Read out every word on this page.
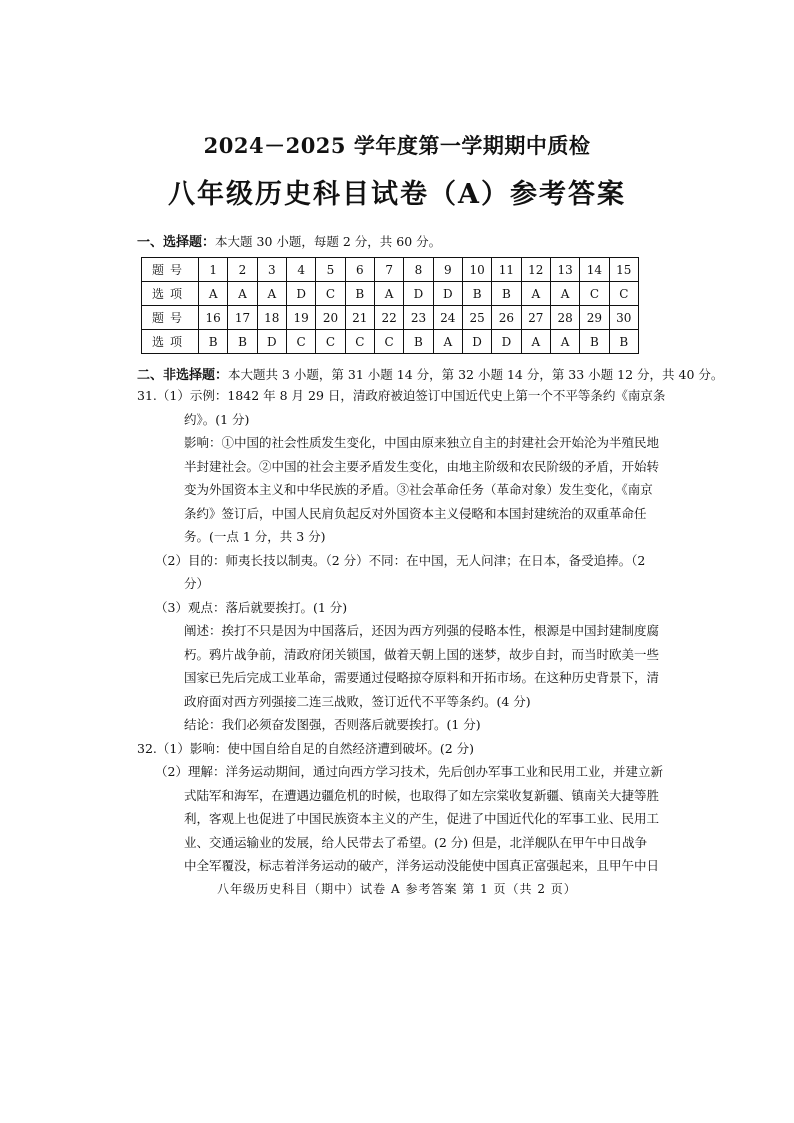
2024－2025 学年度第一学期期中质检
八年级历史科目试卷（A）参考答案
一、选择题：本大题 30 小题，每题 2 分，共 60 分。
题号	1	2	3	4	5	6	7	8	9	10	11	12	13	14	15
选项	A	A	A	D	C	B	A	D	D	B	B	A	A	C	C
题号	16	17	18	19	20	21	22	23	24	25	26	27	28	29	30
选项	B	B	D	C	C	C	C	B	A	D	D	A	A	B	B
二、非选择题：本大题共 3 小题，第 31 小题 14 分，第 32 小题 14 分，第 33 小题 12 分，共 40 分。
31.（1）示例：1842 年 8 月 29 日，清政府被迫签订中国近代史上第一个不平等条约《南京条
约》。(1 分)
影响：①中国的社会性质发生变化，中国由原来独立自主的封建社会开始沦为半殖民地
半封建社会。②中国的社会主要矛盾发生变化，由地主阶级和农民阶级的矛盾，开始转
变为外国资本主义和中华民族的矛盾。③社会革命任务（革命对象）发生变化，《南京
条约》签订后，中国人民肩负起反对外国资本主义侵略和本国封建统治的双重革命任
务。(一点 1 分，共 3 分)
（2）目的：师夷长技以制夷。（2 分）不同：在中国，无人问津；在日本，备受追捧。（2
分）
（3）观点：落后就要挨打。(1 分)
阐述：挨打不只是因为中国落后，还因为西方列强的侵略本性，根源是中国封建制度腐
朽。鸦片战争前，清政府闭关锁国，做着天朝上国的迷梦，故步自封，而当时欧美一些
国家已先后完成工业革命，需要通过侵略掠夺原料和开拓市场。在这种历史背景下，清
政府面对西方列强接二连三战败，签订近代不平等条约。(4 分)
结论：我们必须奋发图强，否则落后就要挨打。(1 分)
32.（1）影响：使中国自给自足的自然经济遭到破坏。(2 分)
（2）理解：洋务运动期间，通过向西方学习技术，先后创办军事工业和民用工业，并建立新
式陆军和海军，在遭遇边疆危机的时候，也取得了如左宗棠收复新疆、镇南关大捷等胜
利，客观上也促进了中国民族资本主义的产生，促进了中国近代化的军事工业、民用工
业、交通运输业的发展，给人民带去了希望。(2 分) 但是，北洋舰队在甲午中日战争
中全军覆没，标志着洋务运动的破产，洋务运动没能使中国真正富强起来，且甲午中日
八年级历史科目（期中）试卷 A 参考答案 第 1 页（共 2 页）
